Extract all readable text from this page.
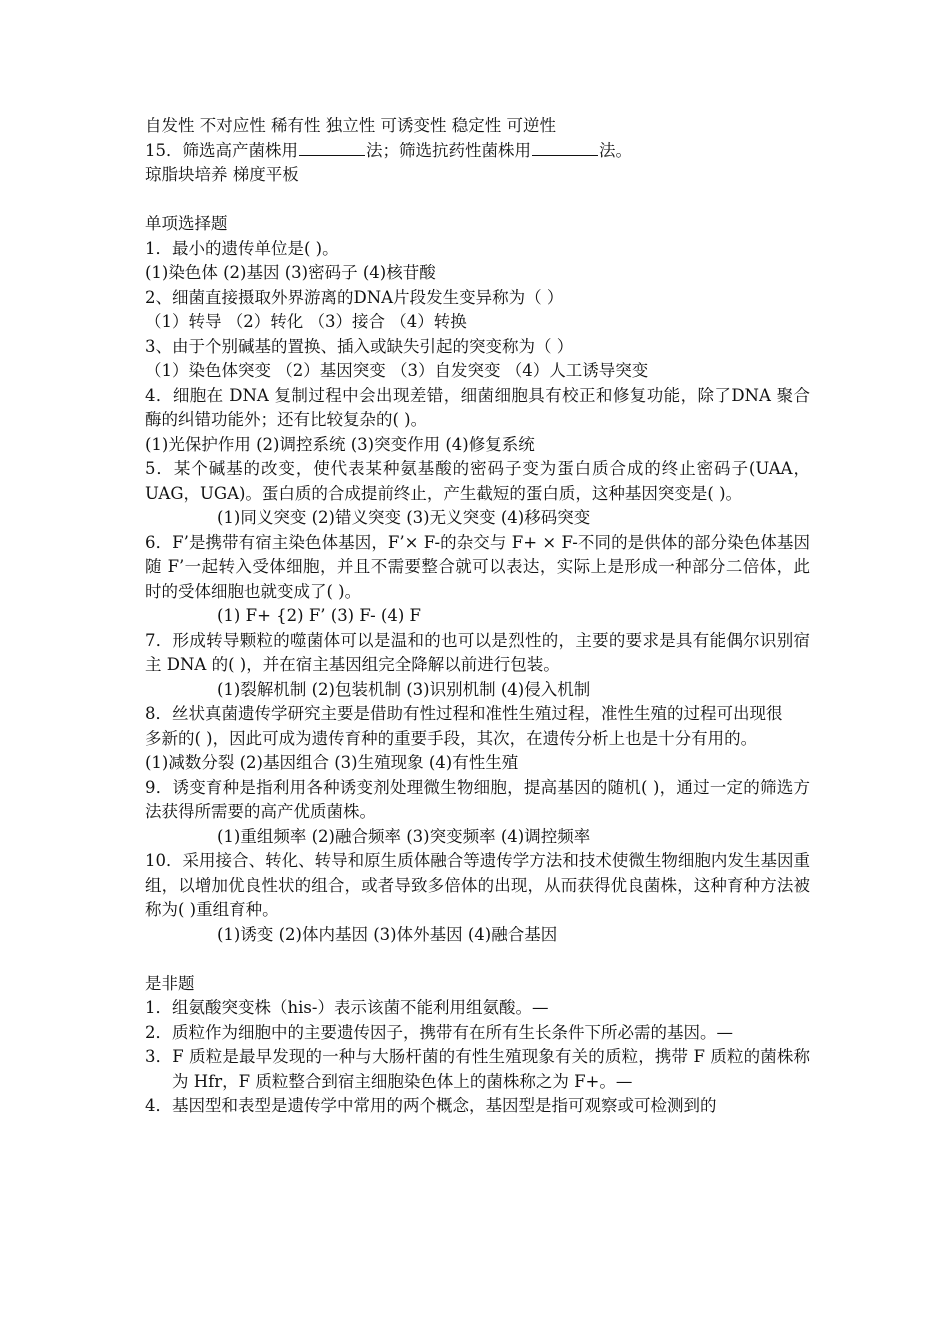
自发性 不对应性 稀有性 独立性 可诱变性 稳定性 可逆性
15．筛选高产菌株用	法；筛选抗药性菌株用	法。
琼脂块培养 梯度平板
单项选择题
1．最小的遗传单位是( )。
(1)染色体 (2)基因 (3)密码子 (4)核苷酸
2、细菌直接摄取外界游离的DNA片段发生变异称为（ ）
（1）转导 （2）转化 （3）接合 （4）转换
3、由于个别碱基的置换、插入或缺失引起的突变称为（ ）
（1）染色体突变 （2）基因突变 （3）自发突变 （4）人工诱导突变
4．细胞在 DNA 复制过程中会出现差错，细菌细胞具有校正和修复功能，除了DNA 聚合酶的纠错功能外；还有比较复杂的( )。
(1)光保护作用 (2)调控系统 (3)突变作用 (4)修复系统
5．某个碱基的改变，使代表某种氨基酸的密码子变为蛋白质合成的终止密码子(UAA，UAG，UGA)。蛋白质的合成提前终止，产生截短的蛋白质，这种基因突变是( )。
(1)同义突变 (2)错义突变 (3)无义突变 (4)移码突变
6．F’是携带有宿主染色体基因，F’× F-的杂交与 F+ × F-不同的是供体的部分染色体基因随 F’一起转入受体细胞，并且不需要整合就可以表达，实际上是形成一种部分二倍体，此时的受体细胞也就变成了( )。
(1) F+ {2) F’ (3) F- (4) F
7．形成转导颗粒的噬菌体可以是温和的也可以是烈性的，主要的要求是具有能偶尔识别宿主 DNA 的( )，并在宿主基因组完全降解以前进行包装。
(1)裂解机制 (2)包装机制 (3)识别机制 (4)侵入机制
8．丝状真菌遗传学研究主要是借助有性过程和准性生殖过程，准性生殖的过程可出现很
多新的( )，因此可成为遗传育种的重要手段，其次，在遗传分析上也是十分有用的。
(1)减数分裂 (2)基因组合 (3)生殖现象 (4)有性生殖
9．诱变育种是指利用各种诱变剂处理微生物细胞，提高基因的随机( )，通过一定的筛选方法获得所需要的高产优质菌株。
(1)重组频率 (2)融合频率 (3)突变频率 (4)调控频率
10．采用接合、转化、转导和原生质体融合等遗传学方法和技术使微生物细胞内发生基因重组，以增加优良性状的组合，或者导致多倍体的出现，从而获得优良菌株，这种育种方法被称为( )重组育种。
(1)诱变 (2)体内基因 (3)体外基因 (4)融合基因
是非题
1．组氨酸突变株（his-）表示该菌不能利用组氨酸。—
2．质粒作为细胞中的主要遗传因子，携带有在所有生长条件下所必需的基因。—
3．F 质粒是最早发现的一种与大肠杆菌的有性生殖现象有关的质粒，携带 F 质粒的菌株称为 Hfr，F 质粒整合到宿主细胞染色体上的菌株称之为 F+。—
4．基因型和表型是遗传学中常用的两个概念，基因型是指可观察或可检测到的
